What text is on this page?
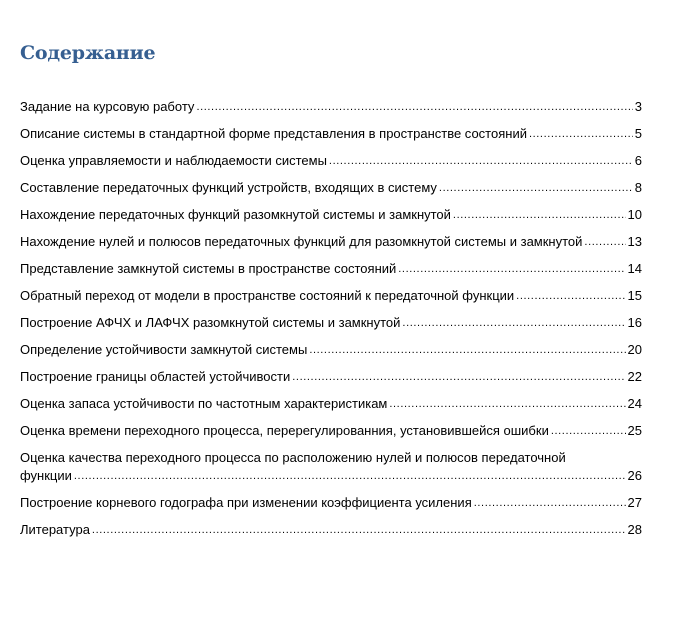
Содержание
Задание на курсовую работу .....	3
Описание системы в стандартной форме представления в пространстве состояний .....	5
Оценка управляемости и наблюдаемости системы .....	6
Составление передаточных функций устройств, входящих в систему .....	8
Нахождение передаточных функций разомкнутой системы и замкнутой .....	10
Нахождение нулей и полюсов передаточных функций для разомкнутой системы и замкнутой .....	13
Представление замкнутой системы в пространстве состояний .....	14
Обратный переход от модели в пространстве состояний к передаточной функции .....	15
Построение АФЧХ и ЛАФЧХ разомкнутой системы и замкнутой .....	16
Определение устойчивости замкнутой системы .....	20
Построение границы областей устойчивости .....	22
Оценка запаса устойчивости по частотным характеристикам .....	24
Оценка времени переходного процесса, перерегулированния, установившейся ошибки .....	25
Оценка качества переходного процесса по расположению нулей и полюсов передаточной
функции .....	26
Построение корневого годографа при изменении коэффициента усиления .....	27
Литература .....	28
